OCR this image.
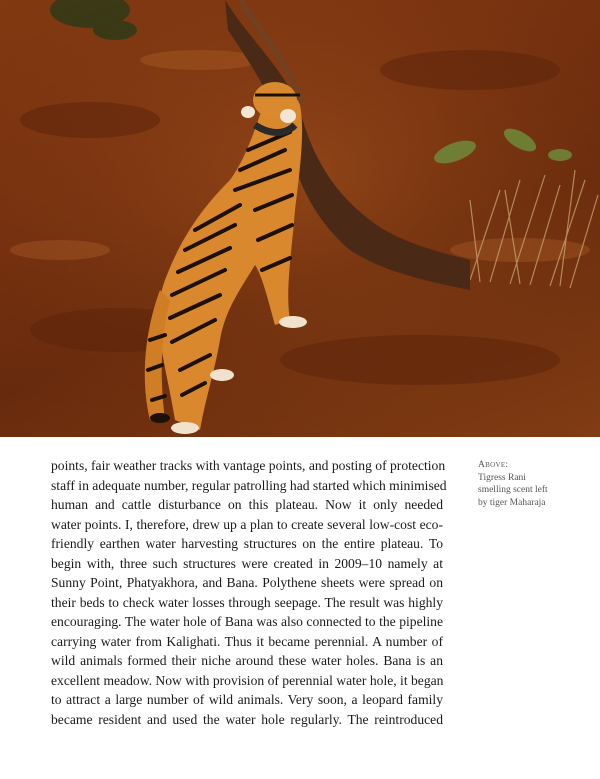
points, fair weather tracks with vantage points, and posting of protection
staff in adequate number, regular patrolling had started which minimised
human and cattle disturbance on this plateau. Now it only needed
water points. I, therefore, drew up a plan to create several low-cost eco-
friendly earthen water harvesting structures on the entire plateau. To
begin with, three such structures were created in 2009–10 namely at
Sunny Point, Phatyakhora, and Bana. Polythene sheets were spread on
their beds to check water losses through seepage. The result was highly
encouraging. The water hole of Bana was also connected to the pipeline
carrying water from Kalighati. Thus it became perennial. A number of
wild animals formed their niche around these water holes. Bana is an
excellent meadow. Now with provision of perennial water hole, it began
to attract a large number of wild animals. Very soon, a leopard family
became resident and used the water hole regularly. The reintroduced
Above:
Tigress Rani
smelling scent left
by tiger Maharaja
